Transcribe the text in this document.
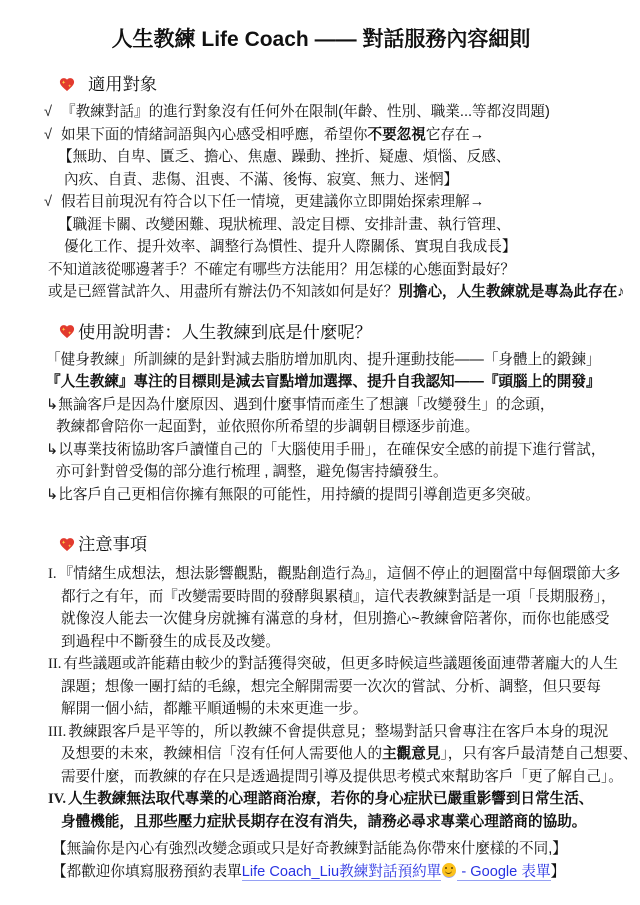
人生教練 Life Coach —— 對話服務內容細則
適用對象
√ 『教練對話』的進行對象沒有任何外在限制(年齡、性別、職業...等都沒問題)
√ 如果下面的情緒詞語與內心感受相呼應，希望你不要忽視它存在→
【無助、自卑、匱乏、擔心、焦慮、躁動、挫折、疑慮、煩惱、反感、
內疚、自責、悲傷、沮喪、不滿、後悔、寂寞、無力、迷惘】
√ 假若目前現況有符合以下任一情境，更建議你立即開始探索理解→
【職涯卡關、改變困難、現狀梳理、設定目標、安排計畫、執行管理、
優化工作、提升效率、調整行為慣性、提升人際關係、實現自我成長】
不知道該從哪邊著手？不確定有哪些方法能用？用怎樣的心態面對最好？
或是已經嘗試許久、用盡所有辦法仍不知該如何是好？別擔心，人生教練就是專為此存在♪
使用說明書：人生教練到底是什麼呢？
「健身教練」所訓練的是針對減去脂肪增加肌肉、提升運動技能——「身體上的鍛鍊」
『人生教練』專注的目標則是減去盲點增加選擇、提升自我認知——『頭腦上的開發』
↳無論客戶是因為什麼原因、遇到什麼事情而產生了想讓「改變發生」的念頭，
教練都會陪你一起面對，並依照你所希望的步調朝目標逐步前進。
↳以專業技術協助客戶讀懂自己的「大腦使用手冊」，在確保安全感的前提下進行嘗試，
亦可針對曾受傷的部分進行梳理 , 調整，避免傷害持續發生。
↳比客戶自己更相信你擁有無限的可能性，用持續的提問引導創造更多突破。
注意事項
I. 『情緒生成想法，想法影響觀點，觀點創造行為』，這個不停止的迴圈當中每個環節大多
都行之有年，而『改變需要時間的發酵與累積』，這代表教練對話是一項「長期服務」，
就像沒人能去一次健身房就擁有滿意的身材，但別擔心~教練會陪著你，而你也能感受
到過程中不斷發生的成長及改變。
II. 有些議題或許能藉由較少的對話獲得突破，但更多時候這些議題後面連帶著龐大的人生
課題；想像一團打結的毛線，想完全解開需要一次次的嘗試、分析、調整，但只要每
解開一個小結，都離平順通暢的未來更進一步。
III. 教練跟客戶是平等的，所以教練不會提供意見；整場對話只會專注在客戶本身的現況
及想要的未來，教練相信「沒有任何人需要他人的主觀意見」，只有客戶最清楚自己想要、
需要什麼，而教練的存在只是透過提問引導及提供思考模式來幫助客戶「更了解自己」。
IV. 人生教練無法取代專業的心理諮商治療，若你的身心症狀已嚴重影響到日常生活、
身體機能，且那些壓力症狀長期存在沒有消失，請務必尋求專業心理諮商的協助。
【無論你是內心有強烈改變念頭或只是好奇教練對話能為你帶來什麼樣的不同,】
【都歡迎你填寫服務預約表單Life Coach_Liu教練對話預約單 - Google 表單】
